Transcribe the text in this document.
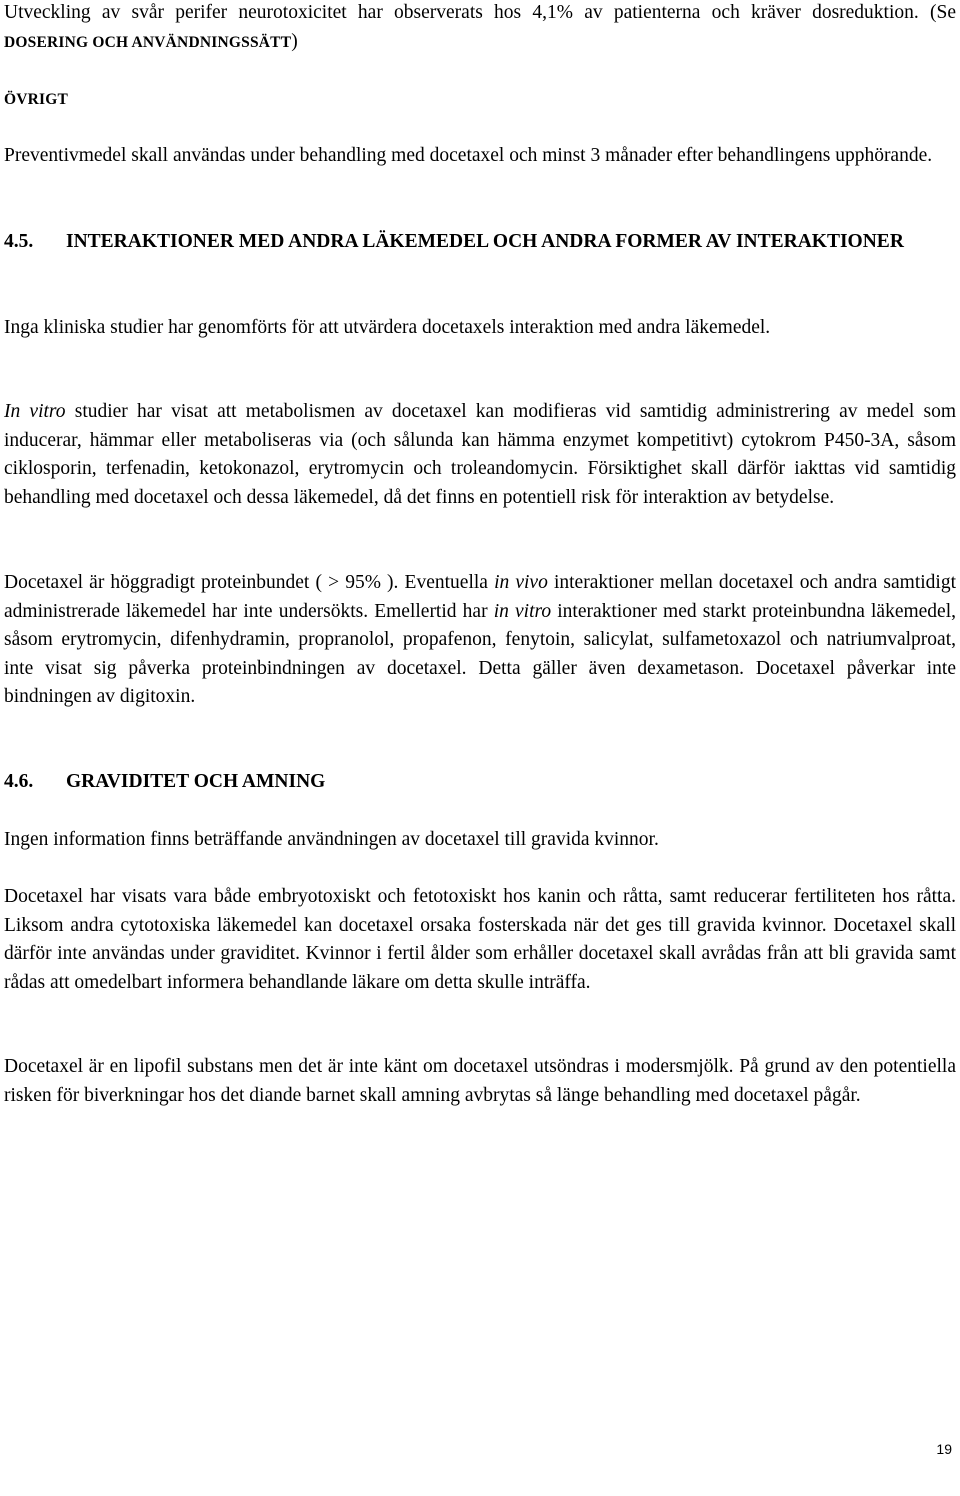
Utveckling av svår perifer neurotoxicitet har observerats hos 4,1% av patienterna och kräver dosreduktion. (Se DOSERING OCH ANVÄNDNINGSSÄTT)

ÖVRIGT

Preventivmedel skall användas under behandling med docetaxel och minst 3 månader efter behandlingens upphörande.

4.5. INTERAKTIONER MED ANDRA LÄKEMEDEL OCH ANDRA FORMER AV INTERAKTIONER

Inga kliniska studier har genomförts för att utvärdera docetaxels interaktion med andra läkemedel.

In vitro studier har visat att metabolismen av docetaxel kan modifieras vid samtidig administrering av medel som inducerar, hämmar eller metaboliseras via (och sålunda kan hämma enzymet kompetitivt) cytokrom P450-3A, såsom ciklosporin, terfenadin, ketokonazol, erytromycin och troleandomycin. Försiktighet skall därför iakttas vid samtidig behandling med docetaxel och dessa läkemedel, då det finns en potentiell risk för interaktion av betydelse.

Docetaxel är höggradigt proteinbundet ( > 95% ). Eventuella in vivo interaktioner mellan docetaxel och andra samtidigt administrerade läkemedel har inte undersökts. Emellertid har in vitro interaktioner med starkt proteinbundna läkemedel, såsom erytromycin, difenhydramin, propranolol, propafenon, fenytoin, salicylat, sulfametoxazol och natriumvalproat, inte visat sig påverka proteinbindningen av docetaxel. Detta gäller även dexametason. Docetaxel påverkar inte bindningen av digitoxin.

4.6. GRAVIDITET OCH AMNING

Ingen information finns beträffande användningen av docetaxel till gravida kvinnor.

Docetaxel har visats vara både embryotoxiskt och fetotoxiskt hos kanin och råtta, samt reducerar fertiliteten hos råtta. Liksom andra cytotoxiska läkemedel kan docetaxel orsaka fosterskada när det ges till gravida kvinnor. Docetaxel skall därför inte användas under graviditet. Kvinnor i fertil ålder som erhåller docetaxel skall avrådas från att bli gravida samt rådas att omedelbart informera behandlande läkare om detta skulle inträffa.

Docetaxel är en lipofil substans men det är inte känt om docetaxel utsöndras i modersmjölk. På grund av den potentiella risken för biverkningar hos det diande barnet skall amning avbrytas så länge behandling med docetaxel pågår.

19
